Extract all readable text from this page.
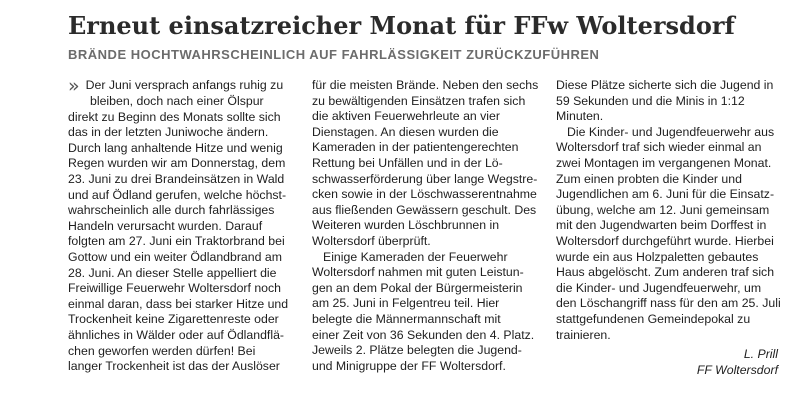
Erneut einsatzreicher Monat für FFw Woltersdorf
BRÄNDE HOCHTWAHRSCHEINLICH AUF FAHRLÄSSIGKEIT ZURÜCKZUFÜHREN

» Der Juni versprach anfangs ruhig zu
bleiben, doch nach einer Ölspur
direkt zu Beginn des Monats sollte sich
das in der letzten Juniwoche ändern.
Durch lang anhaltende Hitze und wenig
Regen wurden wir am Donnerstag, dem
23. Juni zu drei Brandeinsätzen in Wald
und auf Ödland gerufen, welche höchst-
wahrscheinlich alle durch fahrlässiges
Handeln verursacht wurden. Darauf
folgten am 27. Juni ein Traktorbrand bei
Gottow und ein weiter Ödlandbrand am
28. Juni. An dieser Stelle appelliert die
Freiwillige Feuerwehr Woltersdorf noch
einmal daran, dass bei starker Hitze und
Trockenheit keine Zigarettenreste oder
ähnliches in Wälder oder auf Ödlandflä-
chen geworfen werden dürfen! Bei
langer Trockenheit ist das der Auslöser

für die meisten Brände. Neben den sechs
zu bewältigenden Einsätzen trafen sich
die aktiven Feuerwehrleute an vier
Dienstagen. An diesen wurden die
Kameraden in der patientengerechten
Rettung bei Unfällen und in der Lö-
schwasserförderung über lange Wegstre-
cken sowie in der Löschwasserentnahme
aus fließenden Gewässern geschult. Des
Weiteren wurden Löschbrunnen in
Woltersdorf überprüft.

Einige Kameraden der Feuerwehr
Woltersdorf nahmen mit guten Leistun-
gen an dem Pokal der Bürgermeisterin
am 25. Juni in Felgentreu teil. Hier
belegte die Männermannschaft mit
einer Zeit von 36 Sekunden den 4. Platz.
Jeweils 2. Plätze belegten die Jugend-
und Minigruppe der FF Woltersdorf.

Diese Plätze sicherte sich die Jugend in
59 Sekunden und die Minis in 1:12
Minuten.

Die Kinder- und Jugendfeuerwehr aus
Woltersdorf traf sich wieder einmal an
zwei Montagen im vergangenen Monat.
Zum einen probten die Kinder und
Jugendlichen am 6. Juni für die Einsatz-
übung, welche am 12. Juni gemeinsam
mit den Jugendwarten beim Dorffest in
Woltersdorf durchgeführt wurde. Hierbei
wurde ein aus Holzpaletten gebautes
Haus abgelöscht. Zum anderen traf sich
die Kinder- und Jugendfeuerwehr, um
den Löschangriff nass für den am 25. Juli
stattgefundenen Gemeindepokal zu
trainieren.

L. Prill
FF Woltersdorf
